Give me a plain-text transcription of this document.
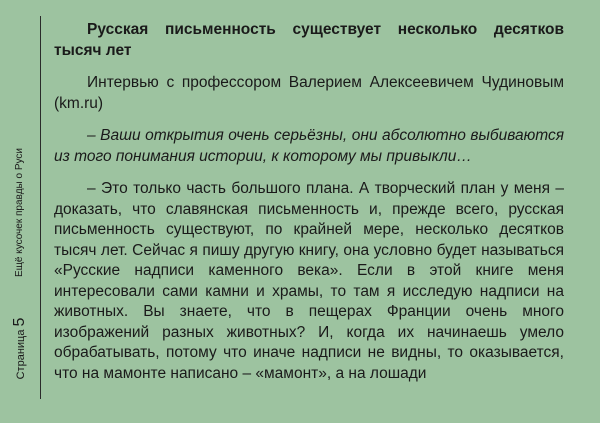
Ещё кусочек правды о Руси
Страница5

Русская письменность существует несколько десятков тысяч лет

Интервью с профессором Валерием Алексеевичем Чудиновым (km.ru)

– Ваши открытия очень серьёзны, они абсолютно выбиваются из того понимания истории, к которому мы привыкли…

– Это только часть большого плана. А творческий план у меня – доказать, что славянская письменность и, прежде всего, русская письменность существуют, по крайней мере, несколько десятков тысяч лет. Сейчас я пишу другую книгу, она условно будет называться «Русские надписи каменного века». Если в этой книге меня интересовали сами камни и храмы, то там я исследую надписи на животных. Вы знаете, что в пещерах Франции очень много изображений разных животных? И, когда их начинаешь умело обрабатывать, потому что иначе надписи не видны, то оказывается, что на мамонте написано – «мамонт», а на лошади
